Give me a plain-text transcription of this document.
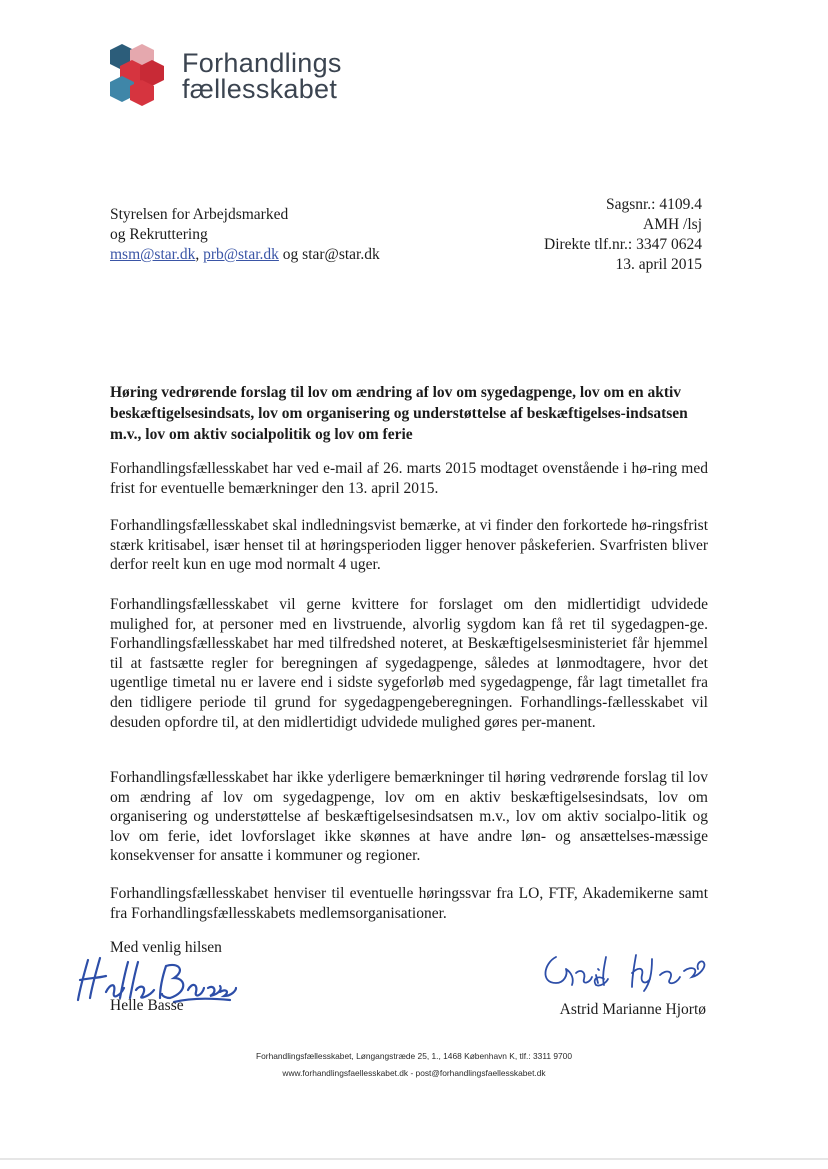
Forhandlings
fællesskabet
Styrelsen for Arbejdsmarked
og Rekruttering
msm@star.dk, prb@star.dk og star@star.dk
Sagsnr.: 4109.4
AMH /lsj
Direkte tlf.nr.: 3347 0624
13. april 2015
Høring vedrørende forslag til lov om ændring af lov om sygedagpenge, lov om en aktiv beskæftigelsesindsats, lov om organisering og understøttelse af beskæftigelses-indsatsen m.v., lov om aktiv socialpolitik og lov om ferie
Forhandlingsfællesskabet har ved e-mail af 26. marts 2015 modtaget ovenstående i hø-ring med frist for eventuelle bemærkninger den 13. april 2015.
Forhandlingsfællesskabet skal indledningsvist bemærke, at vi finder den forkortede hø-ringsfrist stærk kritisabel, især henset til at høringsperioden ligger henover påskeferien. Svarfristen bliver derfor reelt kun en uge mod normalt 4 uger.
Forhandlingsfællesskabet vil gerne kvittere for forslaget om den midlertidigt udvidede mulighed for, at personer med en livstruende, alvorlig sygdom kan få ret til sygedagpen-ge. Forhandlingsfællesskabet har med tilfredshed noteret, at Beskæftigelsesministeriet får hjemmel til at fastsætte regler for beregningen af sygedagpenge, således at lønmodtagere, hvor det ugentlige timetal nu er lavere end i sidste sygeforløb med sygedagpenge, får lagt timetallet fra den tidligere periode til grund for sygedagpengeberegningen. Forhandlings-fællesskabet vil desuden opfordre til, at den midlertidigt udvidede mulighed gøres per-manent.
Forhandlingsfællesskabet har ikke yderligere bemærkninger til høring vedrørende forslag til lov om ændring af lov om sygedagpenge, lov om en aktiv beskæftigelsesindsats, lov om organisering og understøttelse af beskæftigelsesindsatsen m.v., lov om aktiv socialpo-litik og lov om ferie, idet lovforslaget ikke skønnes at have andre løn- og ansættelses-mæssige konsekvenser for ansatte i kommuner og regioner.
Forhandlingsfællesskabet henviser til eventuelle høringssvar fra LO, FTF, Akademikerne samt fra Forhandlingsfællesskabets medlemsorganisationer.
Med venlig hilsen
Helle Basse	Astrid Marianne Hjortø
Forhandlingsfællesskabet, Løngangstræde 25, 1., 1468 København K, tlf.: 3311 9700
www.forhandlingsfaellesskabet.dk - post@forhandlingsfaellesskabet.dk
